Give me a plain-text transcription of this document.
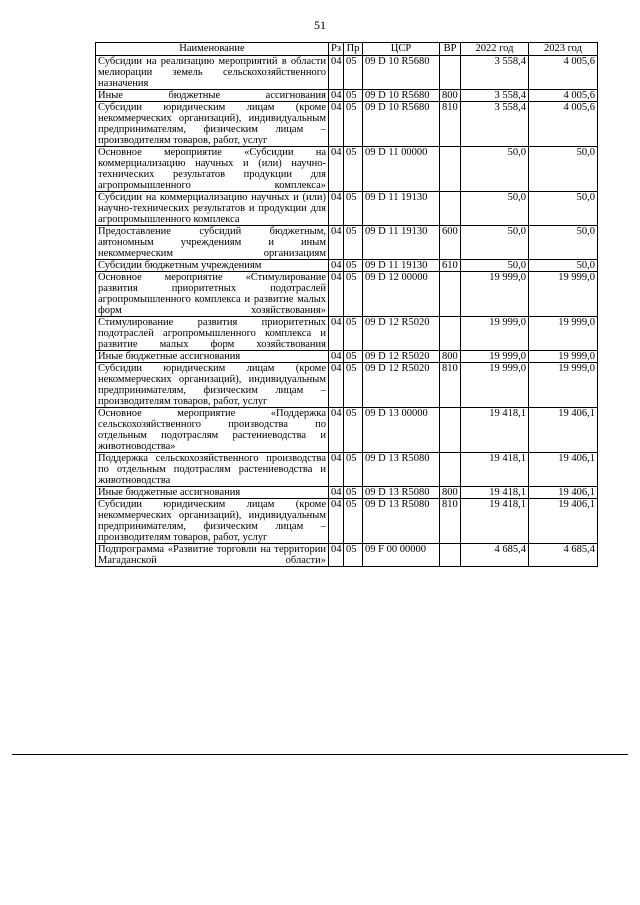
51
Наименование	Рз	Пр	ЦСР	ВР	2022 год	2023 год
Субсидии на реализацию мероприятий в области мелиорации земель сельскохозяйственного назначения	04	05	09 D 10 R5680		3 558,4	4 005,6
Иные бюджетные ассигнования	04	05	09 D 10 R5680	800	3 558,4	4 005,6
Субсидии юридическим лицам (кроме некоммерческих организаций), индивидуальным предпринимателям, физическим лицам – производителям товаров, работ, услуг	04	05	09 D 10 R5680	810	3 558,4	4 005,6
Основное мероприятие «Субсидии на коммерциализацию научных и (или) научно-технических результатов продукции для агропромышленного комплекса»	04	05	09 D 11 00000		50,0	50,0
Субсидии на коммерциализацию научных и (или) научно-технических результатов и продукции для агропромышленного комплекса	04	05	09 D 11 19130		50,0	50,0
Предоставление субсидий бюджетным, автономным учреждениям и иным некоммерческим организациям	04	05	09 D 11 19130	600	50,0	50,0
Субсидии бюджетным учреждениям	04	05	09 D 11 19130	610	50,0	50,0
Основное мероприятие «Стимулирование развития приоритетных подотраслей агропромышленного комплекса и развитие малых форм хозяйствования»	04	05	09 D 12 00000		19 999,0	19 999,0
Стимулирование развития приоритетных подотраслей агропромышленного комплекса и развитие малых форм хозяйствования	04	05	09 D 12 R5020		19 999,0	19 999,0
Иные бюджетные ассигнования	04	05	09 D 12 R5020	800	19 999,0	19 999,0
Субсидии юридическим лицам (кроме некоммерческих организаций), индивидуальным предпринимателям, физическим лицам – производителям товаров, работ, услуг	04	05	09 D 12 R5020	810	19 999,0	19 999,0
Основное мероприятие «Поддержка сельскохозяйственного производства по отдельным подотраслям растениеводства и животноводства»	04	05	09 D 13 00000		19 418,1	19 406,1
Поддержка сельскохозяйственного производства по отдельным подотраслям растениеводства и животноводства	04	05	09 D 13 R5080		19 418,1	19 406,1
Иные бюджетные ассигнования	04	05	09 D 13 R5080	800	19 418,1	19 406,1
Субсидии юридическим лицам (кроме некоммерческих организаций), индивидуальным предпринимателям, физическим лицам – производителям товаров, работ, услуг	04	05	09 D 13 R5080	810	19 418,1	19 406,1
Подпрограмма «Развитие торговли на территории Магаданской области»	04	05	09 F 00 00000		4 685,4	4 685,4
